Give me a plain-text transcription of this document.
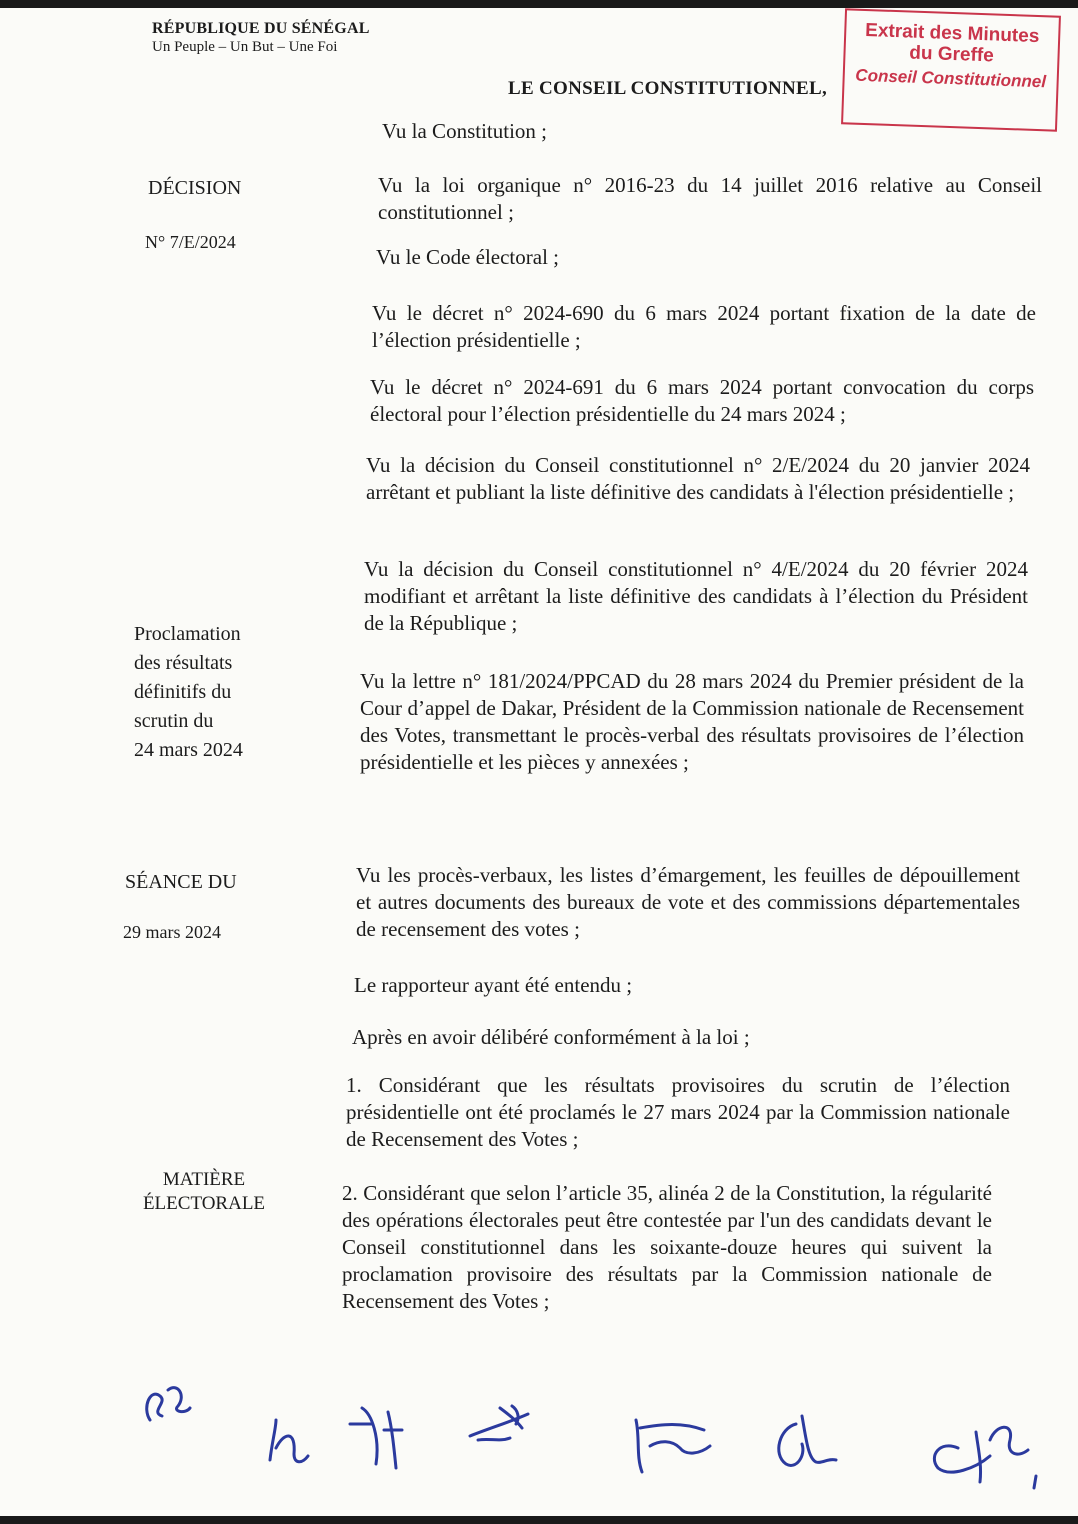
RÉPUBLIQUE DU SÉNÉGAL
Un Peuple – Un But – Une Foi	Extrait des Minutes
du Greffe
Conseil Constitutionnel
LE CONSEIL CONSTITUTIONNEL,
DÉCISION
N° 7/E/2024
Proclamation
des résultats
définitifs du
scrutin du
24 mars 2024
SÉANCE DU
29 mars 2024
MATIÈRE
ÉLECTORALE
Vu la Constitution ;
Vu la loi organique n° 2016-23 du 14 juillet 2016 relative au Conseil constitutionnel ;
Vu le Code électoral ;
Vu le décret n° 2024-690 du 6 mars 2024 portant fixation de la date de l’élection présidentielle ;
Vu le décret n° 2024-691 du 6 mars 2024 portant convocation du corps électoral pour l’élection présidentielle du 24 mars 2024 ;
Vu la décision du Conseil constitutionnel n° 2/E/2024 du 20 janvier 2024 arrêtant et publiant la liste définitive des candidats à l'élection présidentielle ;
Vu la décision du Conseil constitutionnel n° 4/E/2024 du 20 février 2024 modifiant et arrêtant la liste définitive des candidats à l’élection du Président de la République ;
Vu la lettre n° 181/2024/PPCAD du 28 mars 2024 du Premier président de la Cour d’appel de Dakar, Président de la Commission nationale de Recensement des Votes, transmettant le procès-verbal des résultats provisoires de l’élection présidentielle et les pièces y annexées ;
Vu les procès-verbaux, les listes d’émargement, les feuilles de dépouillement et autres documents des bureaux de vote et des commissions départementales de recensement des votes ;
Le rapporteur ayant été entendu ;
Après en avoir délibéré conformément à la loi ;
1. Considérant que les résultats provisoires du scrutin de l’élection présidentielle ont été proclamés le 27 mars 2024 par la Commission nationale de Recensement des Votes ;
2. Considérant que selon l’article 35, alinéa 2 de la Constitution, la régularité des opérations électorales peut être contestée par l'un des candidats devant le Conseil constitutionnel dans les soixante-douze heures qui suivent la proclamation provisoire des résultats par la Commission nationale de Recensement des Votes ;
